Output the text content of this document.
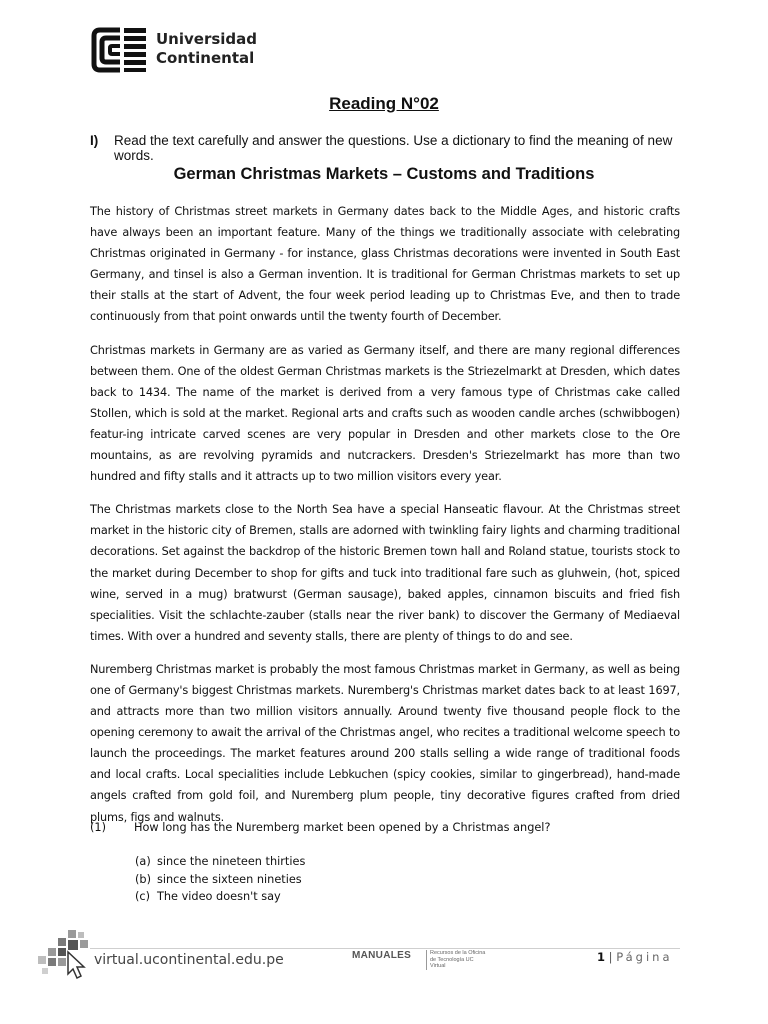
Universidad
Continental
Reading N°02
I)	Read the text carefully and answer the questions. Use a dictionary to find the meaning of new words.
German Christmas Markets – Customs and Traditions

The history of Christmas street markets in Germany dates back to the Middle Ages, and historic crafts have always been an important feature. Many of the things we traditionally associate with celebrating Christmas originated in Germany - for instance, glass Christmas decorations were invented in South East Germany, and tinsel is also a German invention. It is traditional for German Christmas markets to set up their stalls at the start of Advent, the four week period leading up to Christmas Eve, and then to trade continuously from that point onwards until the twenty fourth of December.

Christmas markets in Germany are as varied as Germany itself, and there are many regional differences between them. One of the oldest German Christmas markets is the Striezelmarkt at Dresden, which dates back to 1434. The name of the market is derived from a very famous type of Christmas cake called Stollen, which is sold at the market. Regional arts and crafts such as wooden candle arches (schwibbogen) featur-ing intricate carved scenes are very popular in Dresden and other markets close to the Ore mountains, as are revolving pyramids and nutcrackers. Dresden's Striezelmarkt has more than two hundred and fifty stalls and it attracts up to two million visitors every year.

The Christmas markets close to the North Sea have a special Hanseatic flavour. At the Christmas street market in the historic city of Bremen, stalls are adorned with twinkling fairy lights and charming traditional decorations. Set against the backdrop of the historic Bremen town hall and Roland statue, tourists stock to the market during December to shop for gifts and tuck into traditional fare such as gluhwein, (hot, spiced wine, served in a mug) bratwurst (German sausage), baked apples, cinnamon biscuits and fried fish specialities. Visit the schlachte-zauber (stalls near the river bank) to discover the Germany of Mediaeval times. With over a hundred and seventy stalls, there are plenty of things to do and see.

Nuremberg Christmas market is probably the most famous Christmas market in Germany, as well as being one of Germany's biggest Christmas markets. Nuremberg's Christmas market dates back to at least 1697, and attracts more than two million visitors annually. Around twenty five thousand people flock to the opening ceremony to await the arrival of the Christmas angel, who recites a traditional welcome speech to launch the proceedings. The market features around 200 stalls selling a wide range of traditional foods and local crafts. Local specialities include Lebkuchen (spicy cookies, similar to gingerbread), hand-made angels crafted from gold foil, and Nuremberg plum people, tiny decorative figures crafted from dried plums, figs and walnuts.

(1) How long has the Nuremberg market been opened by a Christmas angel?
(a) since the nineteen thirties
(b) since the sixteen nineties
(c) The video doesn't say
virtual.ucontinental.edu.pe	MANUALES	Recursos de la Oficina de Tecnología UC Virtual
1 | Página
